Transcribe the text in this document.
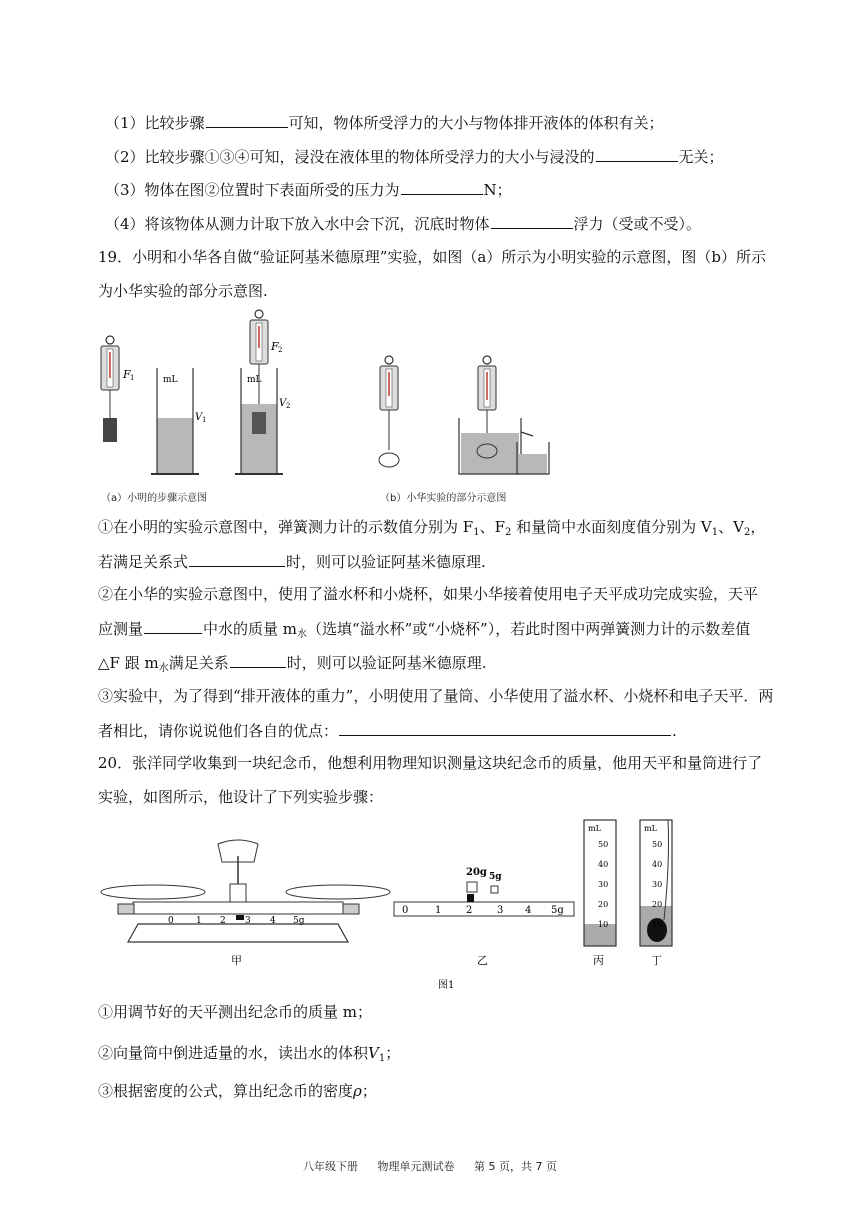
（1）比较步骤	可知，物体所受浮力的大小与物体排开液体的体积有关；
（2）比较步骤①③④可知，浸没在液体里的物体所受浮力的大小与浸没的	无关；
（3）物体在图②位置时下表面所受的压力为	N；
（4）将该物体从测力计取下放入水中会下沉，沉底时物体	浮力（受或不受）。
19．小明和小华各自做“验证阿基米德原理”实验，如图（a）所示为小明实验的示意图，图（b）所示
为小华实验的部分示意图.
F 1	mL
V 1
F 2
mL
V 2
（a）小明的步骤示意图	（b）小华实验的部分示意图
①在小明的实验示意图中，弹簧测力计的示数值分别为 $F_1$、$F_2$ 和量筒中水面刻度值分别为 $V_1$、$V_2$，
若满足关系式	时，则可以验证阿基米德原理.
②在小华的实验示意图中，使用了溢水杯和小烧杯，如果小华接着使用电子天平成功完成实验，天平
应测量	中水的质量 $m_水$（选填“溢水杯”或“小烧杯”），若此时图中两弹簧测力计的示数差值
△F 跟 $m_水$满足关系	时，则可以验证阿基米德原理.
③实验中，为了得到“排开液体的重力”，小明使用了量筒、小华使用了溢水杯、小烧杯和电子天平．两
者相比，请你说说他们各自的优点：	.
20．张洋同学收集到一块纪念币，他想利用物理知识测量这块纪念币的质量，他用天平和量筒进行了
实验，如图所示，他设计了下列实验步骤：
0 1 2 3 4 5g
甲
20g 5g
0	1 2 3 4 5g
乙
mL
50
40
30
20
10
丙
mL
50
40
30
20
10
丁
图1
①用调节好的天平测出纪念币的质量 m；
②向量筒中倒进适量的水，读出水的体积$V_1$；
③根据密度的公式，算出纪念币的密度ρ；
八年级下册 物理单元测试卷 第 5 页，共 7 页
